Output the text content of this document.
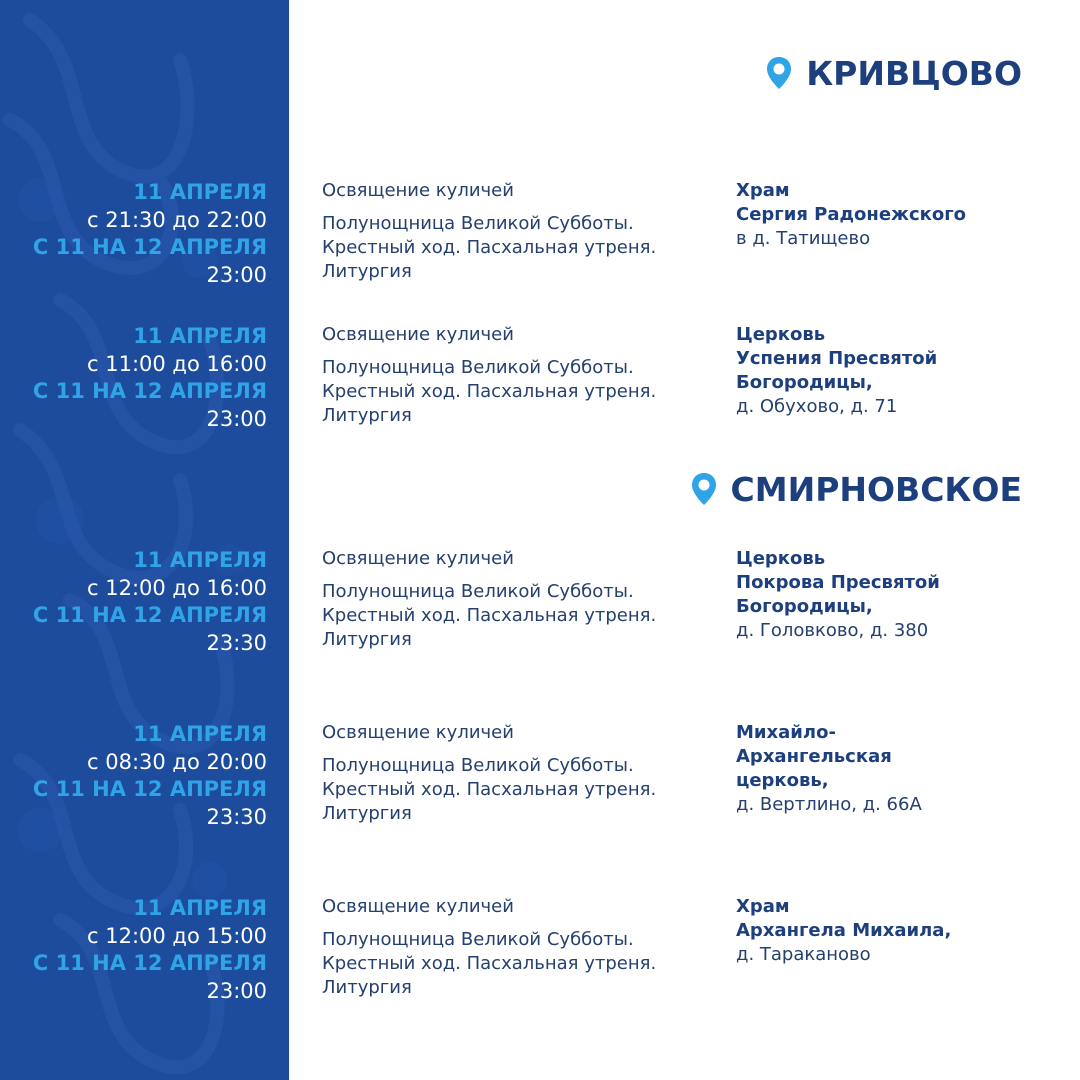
КРИВЦОВО
СМИРНОВСКОЕ
11 АПРЕЛЯ
с 21:30 до 22:00
С 11 НА 12 АПРЕЛЯ
23:00
Освящение куличей
Полунощница Великой Субботы.
Крестный ход. Пасхальная утреня.
Литургия
Храм
Сергия Радонежского
в д. Татищево
11 АПРЕЛЯ
с 11:00 до 16:00
С 11 НА 12 АПРЕЛЯ
23:00
Освящение куличей
Полунощница Великой Субботы.
Крестный ход. Пасхальная утреня.
Литургия
Церковь
Успения Пресвятой
Богородицы,
д. Обухово, д. 71
11 АПРЕЛЯ
с 12:00 до 16:00
С 11 НА 12 АПРЕЛЯ
23:30
Освящение куличей
Полунощница Великой Субботы.
Крестный ход. Пасхальная утреня.
Литургия
Церковь
Покрова Пресвятой
Богородицы,
д. Головково, д. 380
11 АПРЕЛЯ
с 08:30 до 20:00
С 11 НА 12 АПРЕЛЯ
23:30
Освящение куличей
Полунощница Великой Субботы.
Крестный ход. Пасхальная утреня.
Литургия
Михайло-
Архангельская
церковь,
д. Вертлино, д. 66А
11 АПРЕЛЯ
с 12:00 до 15:00
С 11 НА 12 АПРЕЛЯ
23:00
Освящение куличей
Полунощница Великой Субботы.
Крестный ход. Пасхальная утреня.
Литургия
Храм
Архангела Михаила,
д. Тараканово
